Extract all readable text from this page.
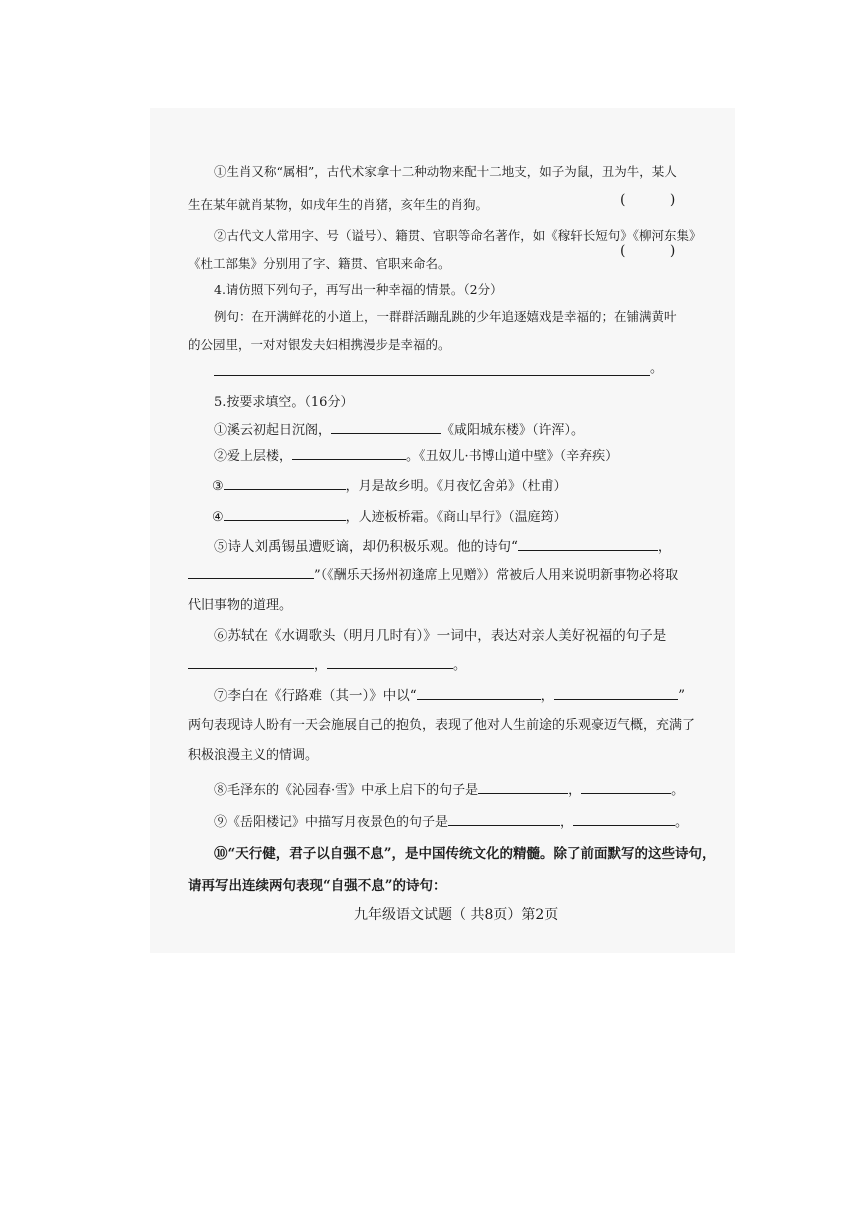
①生肖又称“属相”，古代术家拿十二种动物来配十二地支，如子为鼠，丑为牛，某人
生在某年就肖某物，如戌年生的肖猪，亥年生的肖狗。	( )
②古代文人常用字、号（谥号）、籍贯、官职等命名著作，如《稼轩长短句》《柳河东集》
《杜工部集》分别用了字、籍贯、官职来命名。
( )
4.请仿照下列句子，再写出一种幸福的情景。（2分）
例句：在开满鲜花的小道上，一群群活蹦乱跳的少年追逐嬉戏是幸福的；在铺满黄叶
的公园里，一对对银发夫妇相携漫步是幸福的。
。
5.按要求填空。（16分）
①溪云初起日沉阁，	《咸阳城东楼》（许浑）。
②爱上层楼，	。《丑奴儿·书博山道中壁》（辛弃疾）
③	，月是故乡明。《月夜忆舍弟》（杜甫）
④	，人迹板桥霜。《商山早行》（温庭筠）
⑤诗人刘禹锡虽遭贬谪，却仍积极乐观。他的诗句“	，
”（《酬乐天扬州初逢席上见赠》）常被后人用来说明新事物必将取
代旧事物的道理。
⑥苏轼在《水调歌头（明月几时有）》一词中，表达对亲人美好祝福的句子是
，	。
⑦李白在《行路难（其一）》中以“	，	”
两句表现诗人盼有一天会施展自己的抱负，表现了他对人生前途的乐观豪迈气概，充满了
积极浪漫主义的情调。
⑧毛泽东的《沁园春·雪》中承上启下的句子是	，	。
⑨《岳阳楼记》中描写月夜景色的句子是	，	。
⑩“天行健，君子以自强不息”，是中国传统文化的精髓。除了前面默写的这些诗句，
请再写出连续两句表现“自强不息”的诗句：
九年级语文试题（ 共8页）第2页
